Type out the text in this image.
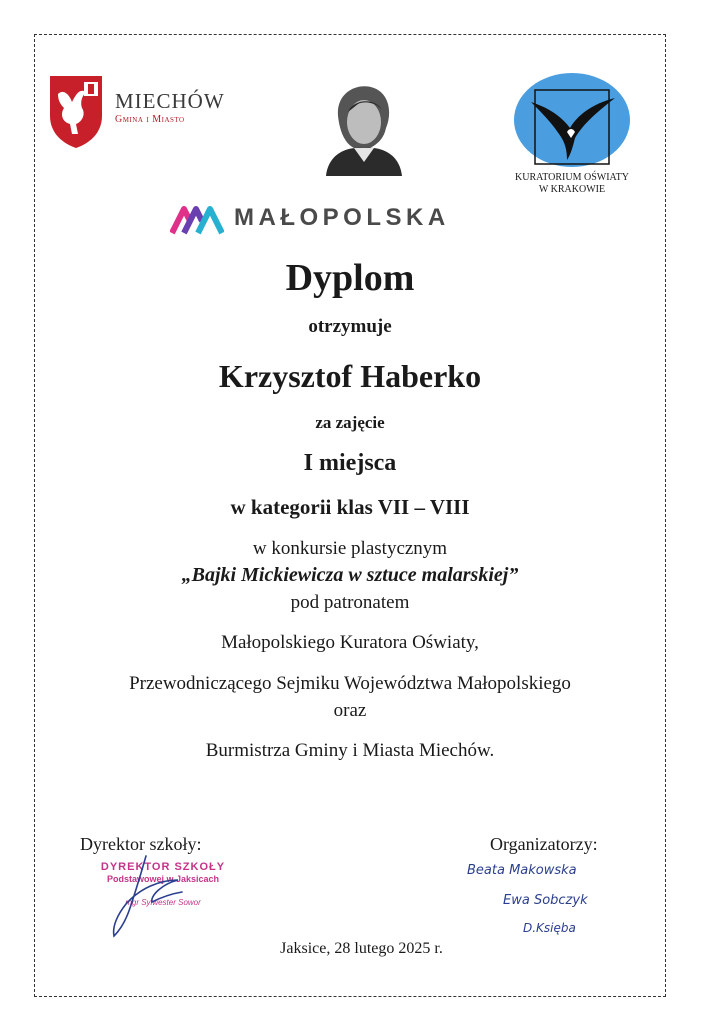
MIECHÓW
Gmina i Miasto
KURATORIUM OŚWIATY
W KRAKOWIE
MAŁOPOLSKA
Dyplom
otrzymuje
Krzysztof Haberko
za zajęcie
I miejsca
w kategorii klas VII – VIII
w konkursie plastycznym
„Bajki Mickiewicza w sztuce malarskiej”
pod patronatem
Małopolskiego Kuratora Oświaty,
Przewodniczącego Sejmiku Województwa Małopolskiego
oraz
Burmistrza Gminy i Miasta Miechów.
Dyrektor szkoły:	Organizatorzy:
DYREKTOR SZKOŁY
Podstawowej w Jaksicach
mgr Sylwester Sowor
Beata Makowska
Ewa Sobczyk
D.Księba
Jaksice, 28 lutego 2025 r.
